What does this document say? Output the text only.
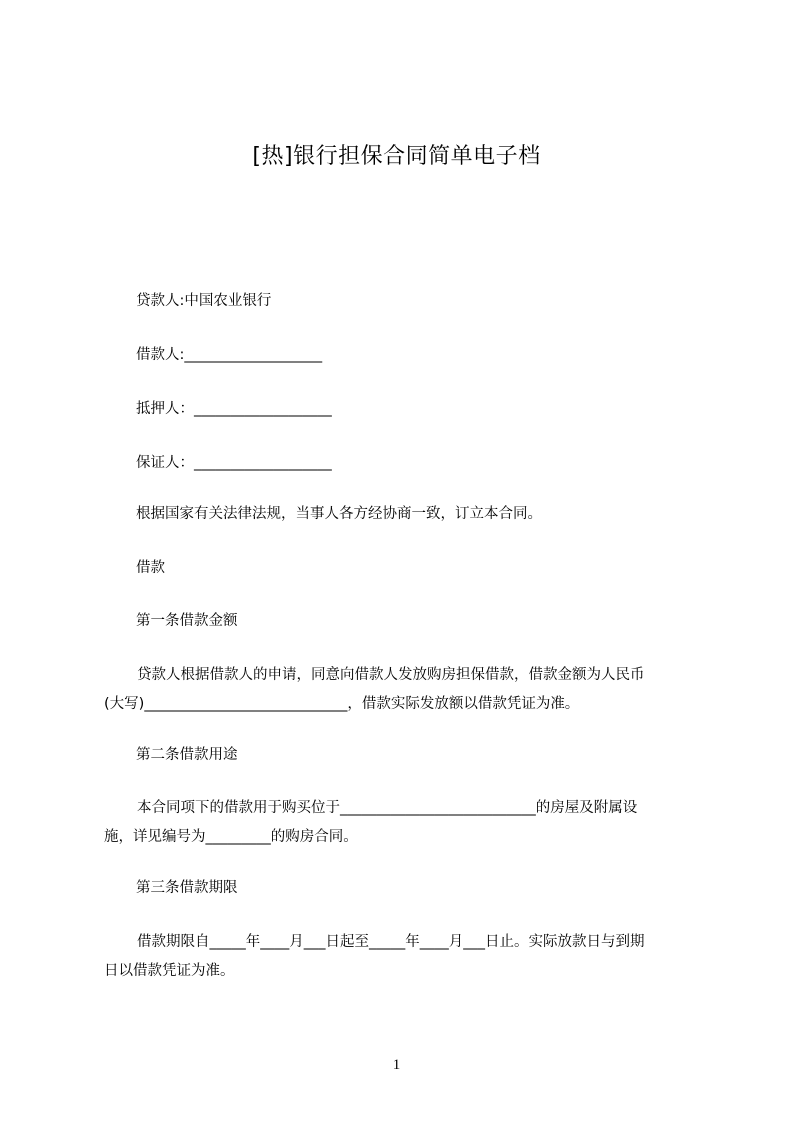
[热]银行担保合同简单电子档

贷款人:中国农业银行

借款人:___________________

抵押人：___________________

保证人：___________________

根据国家有关法律法规，当事人各方经协商一致，订立本合同。

借款

第一条借款金额

贷款人根据借款人的申请，同意向借款人发放购房担保借款，借款金额为人民币
(大写)____________________________，借款实际发放额以借款凭证为准。

第二条借款用途

本合同项下的借款用于购买位于___________________________的房屋及附属设
施，详见编号为_________的购房合同。

第三条借款期限

借款期限自_____年____月___日起至_____年____月___日止。实际放款日与到期
日以借款凭证为准。

1
